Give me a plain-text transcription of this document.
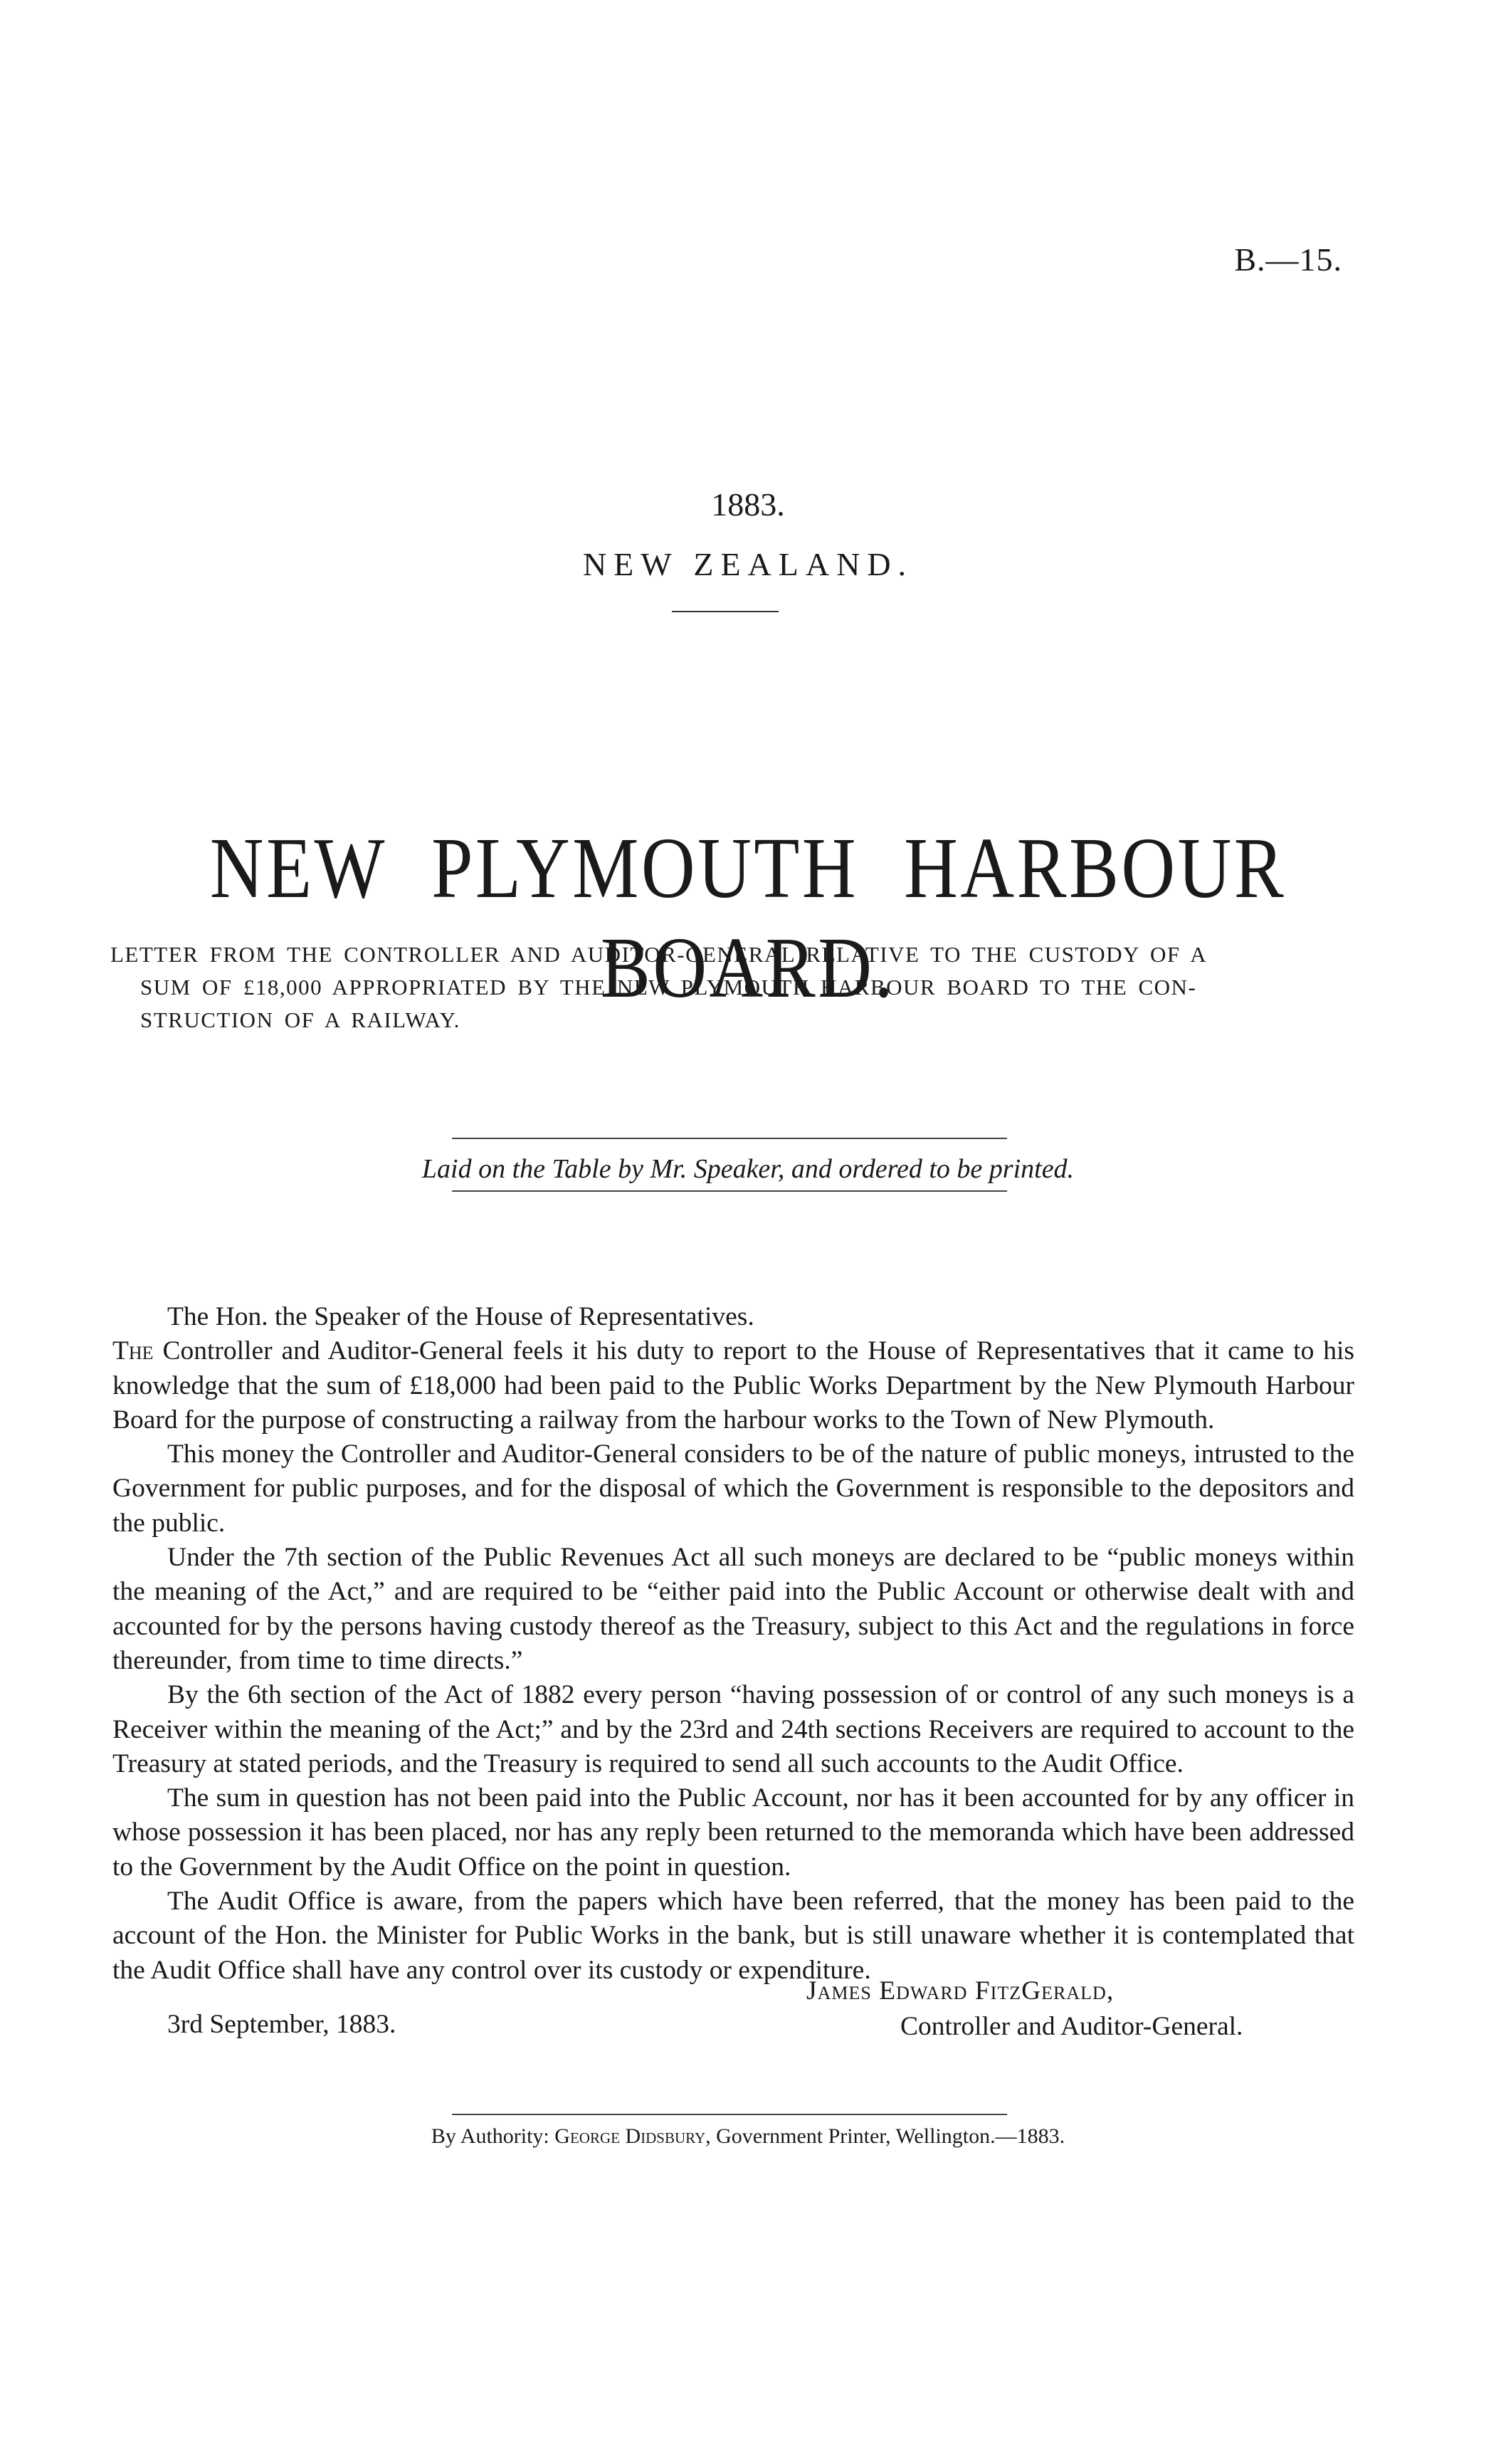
B.—15.
1883.
NEW ZEALAND.
NEW PLYMOUTH HARBOUR BOARD.
LETTER FROM THE CONTROLLER AND AUDITOR-GENERAL RELATIVE TO THE CUSTODY OF A
SUM OF £18,000 APPROPRIATED BY THE NEW PLYMOUTH HARBOUR BOARD TO THE CON-
STRUCTION OF A RAILWAY.
Laid on the Table by Mr. Speaker, and ordered to be printed.

The Hon. the Speaker of the House of Representatives.

The Controller and Auditor-General feels it his duty to report to the House of Representatives that it came to his knowledge that the sum of £18,000 had been paid to the Public Works Department by the New Plymouth Harbour Board for the purpose of constructing a railway from the harbour works to the Town of New Plymouth.

This money the Controller and Auditor-General considers to be of the nature of public moneys, intrusted to the Government for public purposes, and for the disposal of which the Government is responsible to the depositors and the public.

Under the 7th section of the Public Revenues Act all such moneys are declared to be “public moneys within the meaning of the Act,” and are required to be “either paid into the Public Account or otherwise dealt with and accounted for by the persons having custody thereof as the Treasury, subject to this Act and the regulations in force thereunder, from time to time directs.”

By the 6th section of the Act of 1882 every person “having possession of or control of any such moneys is a Receiver within the meaning of the Act;” and by the 23rd and 24th sections Receivers are required to account to the Treasury at stated periods, and the Treasury is required to send all such accounts to the Audit Office.

The sum in question has not been paid into the Public Account, nor has it been accounted for by any officer in whose possession it has been placed, nor has any reply been returned to the memoranda which have been addressed to the Government by the Audit Office on the point in question.

The Audit Office is aware, from the papers which have been referred, that the money has been paid to the account of the Hon. the Minister for Public Works in the bank, but is still unaware whether it is contemplated that the Audit Office shall have any control over its custody or expenditure.

James Edward FitzGerald,
Controller and Auditor-General.
3rd September, 1883.
By Authority: George Didsbury, Government Printer, Wellington.—1883.
